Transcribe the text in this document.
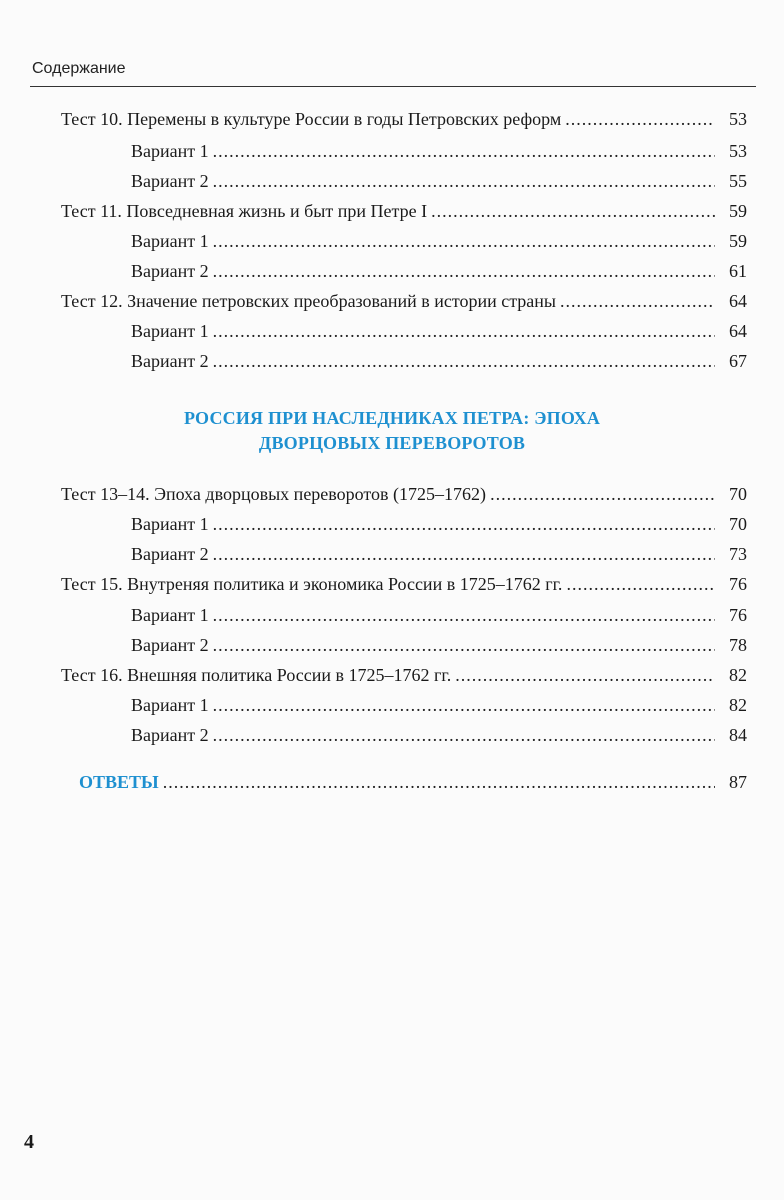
Содержание
Тест 10. Перемены в культуре России в годы Петровских реформ .....	53
Вариант 1 .....	53
Вариант 2 .....	55
Тест 11. Повседневная жизнь и быт при Петре I .....	59
Вариант 1 .....	59
Вариант 2 .....	61
Тест 12. Значение петровских преобразований в истории страны .....	64
Вариант 1 .....	64
Вариант 2 .....	67
РОССИЯ ПРИ НАСЛЕДНИКАХ ПЕТРА: ЭПОХА
ДВОРЦОВЫХ ПЕРЕВОРОТОВ
Тест 13–14. Эпоха дворцовых переворотов (1725–1762) .....	70
Вариант 1 .....	70
Вариант 2 .....	73
Тест 15. Внутреняя политика и экономика России в 1725–1762 гг. .....	76
Вариант 1 .....	76
Вариант 2 .....	78
Тест 16. Внешняя политика России в 1725–1762 гг. .....	82
Вариант 1 .....	82
Вариант 2 .....	84
ОТВЕТЫ .....	87
4
